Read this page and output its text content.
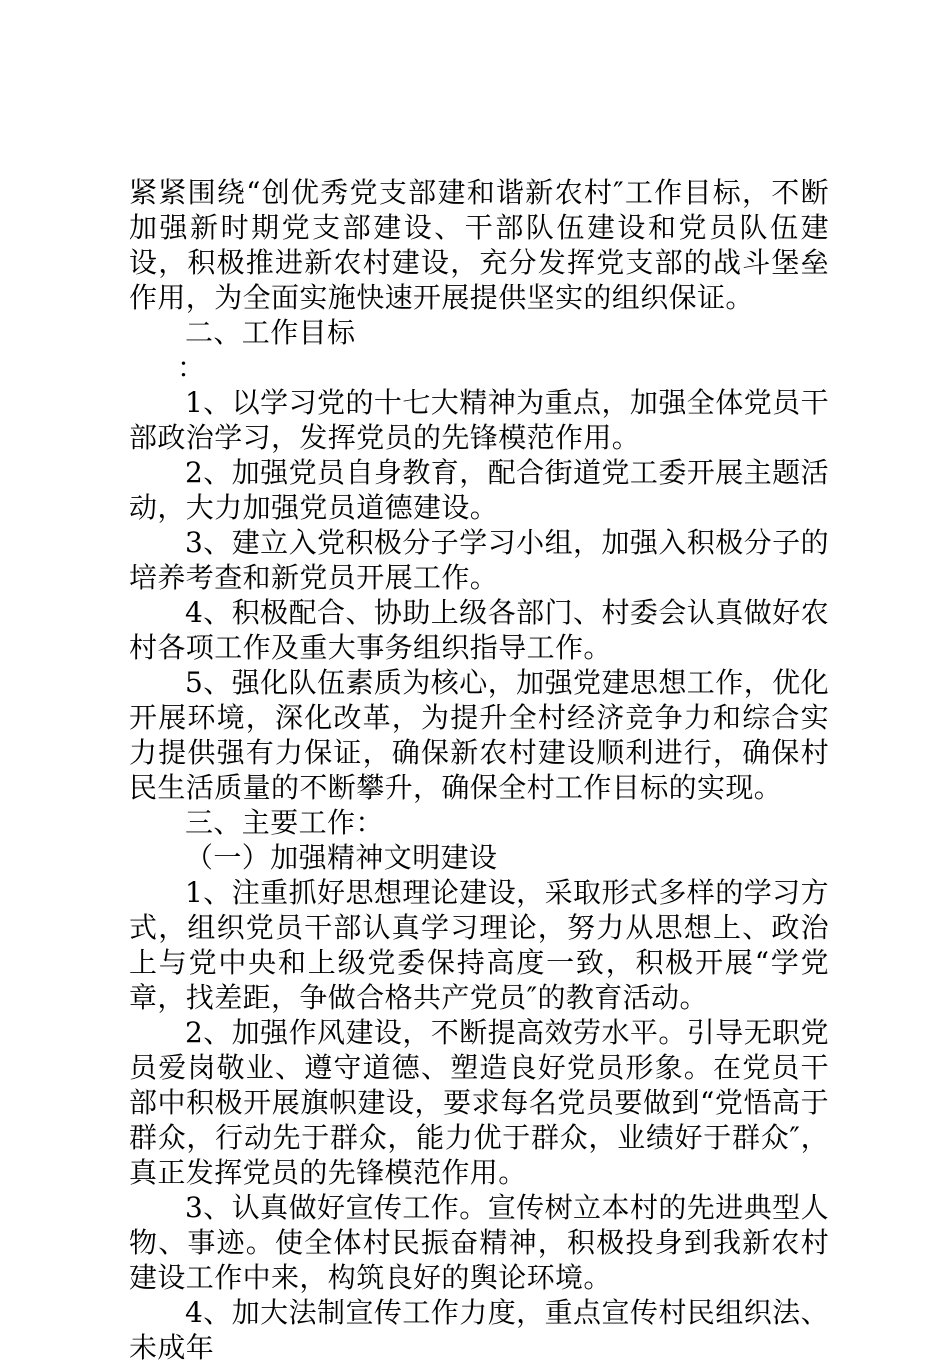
紧紧围绕“创优秀党支部建和谐新农村″工作目标，不断加强新时期党支部建设、干部队伍建设和党员队伍建设，积极推进新农村建设，充分发挥党支部的战斗堡垒作用，为全面实施快速开展提供坚实的组织保证。

二、工作目标

：

1、以学习党的十七大精神为重点，加强全体党员干部政治学习，发挥党员的先锋模范作用。

2、加强党员自身教育，配合街道党工委开展主题活动，大力加强党员道德建设。

3、建立入党积极分子学习小组，加强入积极分子的培养考查和新党员开展工作。

4、积极配合、协助上级各部门、村委会认真做好农村各项工作及重大事务组织指导工作。

5、强化队伍素质为核心，加强党建思想工作，优化开展环境，深化改革，为提升全村经济竞争力和综合实力提供强有力保证，确保新农村建设顺利进行，确保村民生活质量的不断攀升，确保全村工作目标的实现。

三、主要工作：

（一）加强精神文明建设

1、注重抓好思想理论建设，采取形式多样的学习方式，组织党员干部认真学习理论，努力从思想上、政治上与党中央和上级党委保持高度一致，积极开展“学党章，找差距，争做合格共产党员″的教育活动。

2、加强作风建设，不断提高效劳水平。引导无职党员爱岗敬业、遵守道德、塑造良好党员形象。在党员干部中积极开展旗帜建设，要求每名党员要做到“党悟高于群众，行动先于群众，能力优于群众，业绩好于群众″，真正发挥党员的先锋模范作用。

3、认真做好宣传工作。宣传树立本村的先进典型人物、事迹。使全体村民振奋精神，积极投身到我新农村建设工作中来，构筑良好的舆论环境。

4、加大法制宣传工作力度，重点宣传村民组织法、未成年
